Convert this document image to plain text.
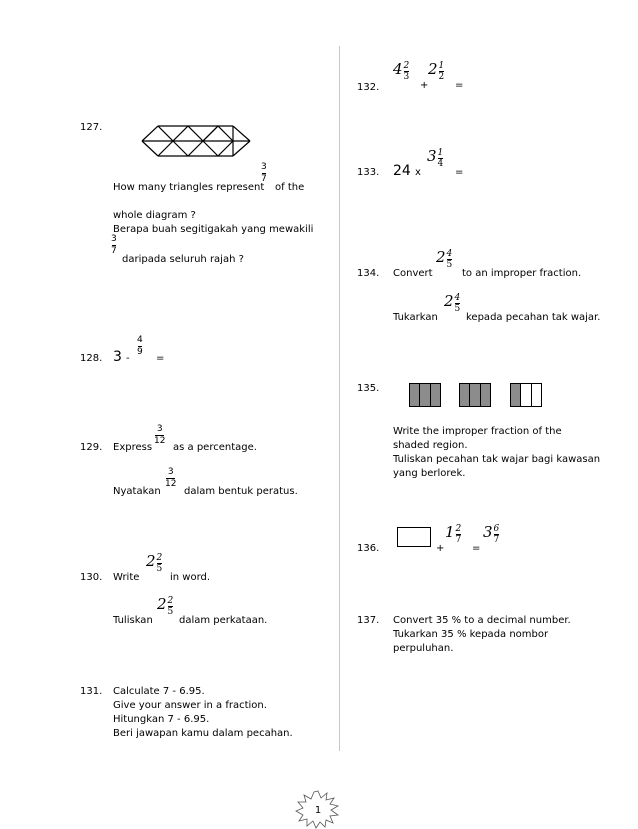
127.
How many triangles represent
3
7
of the
whole diagram ?
Berapa buah segitigakah yang mewakili
3
7
daripada seluruh rajah ?
128. 3 -
4
9
=
129. Express
3
12
as a percentage.
Nyatakan
3
12
dalam bentuk peratus.
130. Write
$2 \frac{2}{5}$
in word.
Tuliskan
$2 \frac{2}{5}$
dalam perkataan.
131. Calculate 7 - 6.95.
Give your answer in a fraction.
Hitungkan 7 - 6.95.
Beri jawapan kamu dalam pecahan.
132.
$4 \frac{2}{3}$
+
$2 \frac{1}{2}$
=
133. 24 x
$3 \frac{1}{4}$
=
134. Convert
$2 \frac{4}{5}$
to an improper fraction.
Tukarkan
$2 \frac{4}{5}$
kepada pecahan tak wajar.
135.
Write the improper fraction of the
shaded region.
Tuliskan pecahan tak wajar bagi kawasan
yang berlorek.
136.	+
$1 \frac{2}{7}$
=
$3 \frac{6}{7}$
137. Convert 35 % to a decimal number.
Tukarkan 35 % kepada nombor
perpuluhan.
1
